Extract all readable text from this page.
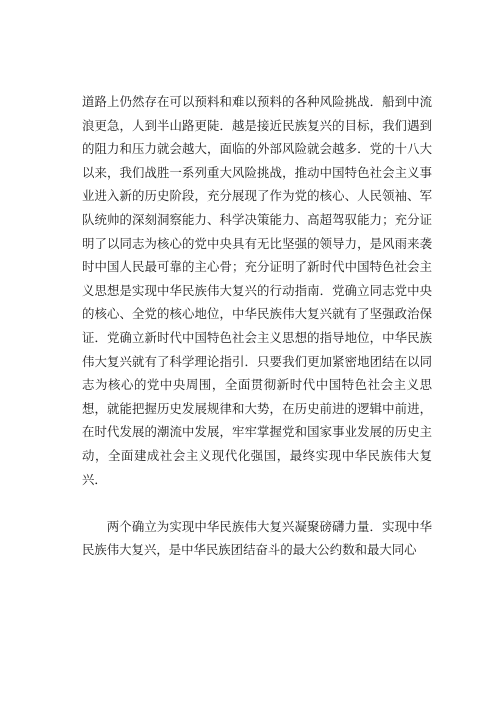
道路上仍然存在可以预料和难以预料的各种风险挑战．船到中流浪更急，人到半山路更陡．越是接近民族复兴的目标，我们遇到的阻力和压力就会越大，面临的外部风险就会越多．党的十八大以来，我们战胜一系列重大风险挑战，推动中国特色社会主义事业进入新的历史阶段，充分展现了作为党的核心、人民领袖、军队统帅的深刻洞察能力、科学决策能力、高超驾驭能力；充分证明了以同志为核心的党中央具有无比坚强的领导力，是风雨来袭时中国人民最可靠的主心骨；充分证明了新时代中国特色社会主义思想是实现中华民族伟大复兴的行动指南．党确立同志党中央的核心、全党的核心地位，中华民族伟大复兴就有了坚强政治保证．党确立新时代中国特色社会主义思想的指导地位，中华民族伟大复兴就有了科学理论指引．只要我们更加紧密地团结在以同志为核心的党中央周围，全面贯彻新时代中国特色社会主义思想，就能把握历史发展规律和大势，在历史前进的逻辑中前进，在时代发展的潮流中发展，牢牢掌握党和国家事业发展的历史主动，全面建成社会主义现代化强国，最终实现中华民族伟大复兴．

两个确立为实现中华民族伟大复兴凝聚磅礴力量．实现中华民族伟大复兴，是中华民族团结奋斗的最大公约数和最大同心
